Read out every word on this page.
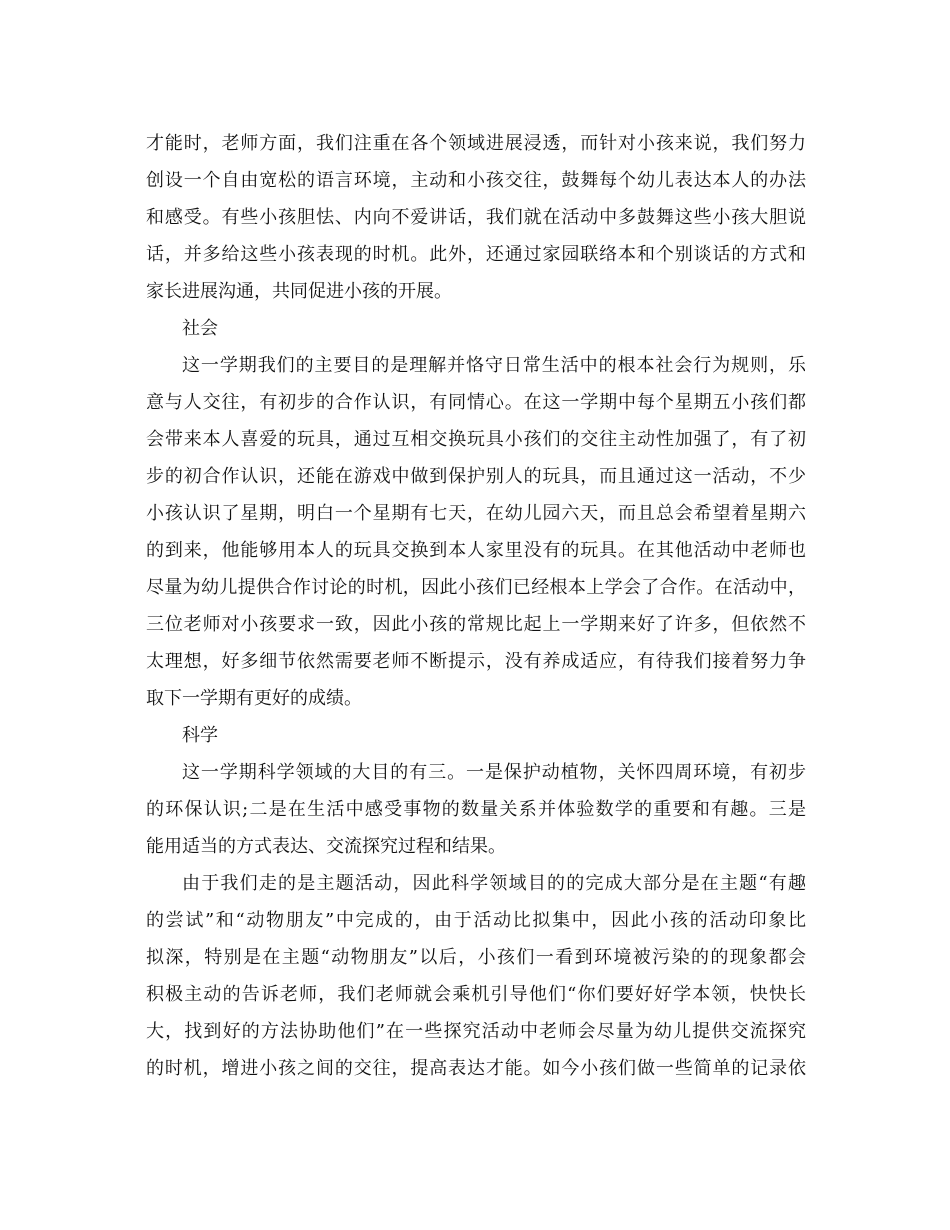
才能时，老师方面，我们注重在各个领域进展浸透，而针对小孩来说，我们努力
创设一个自由宽松的语言环境，主动和小孩交往，鼓舞每个幼儿表达本人的办法
和感受。有些小孩胆怯、内向不爱讲话，我们就在活动中多鼓舞这些小孩大胆说
话，并多给这些小孩表现的时机。此外，还通过家园联络本和个别谈话的方式和
家长进展沟通，共同促进小孩的开展。
社会
这一学期我们的主要目的是理解并恪守日常生活中的根本社会行为规则，乐
意与人交往，有初步的合作认识，有同情心。在这一学期中每个星期五小孩们都
会带来本人喜爱的玩具，通过互相交换玩具小孩们的交往主动性加强了，有了初
步的初合作认识，还能在游戏中做到保护别人的玩具，而且通过这一活动，不少
小孩认识了星期，明白一个星期有七天，在幼儿园六天，而且总会希望着星期六
的到来，他能够用本人的玩具交换到本人家里没有的玩具。在其他活动中老师也
尽量为幼儿提供合作讨论的时机，因此小孩们已经根本上学会了合作。在活动中，
三位老师对小孩要求一致，因此小孩的常规比起上一学期来好了许多，但依然不
太理想，好多细节依然需要老师不断提示，没有养成适应，有待我们接着努力争
取下一学期有更好的成绩。
科学
这一学期科学领域的大目的有三。一是保护动植物，关怀四周环境，有初步
的环保认识;二是在生活中感受事物的数量关系并体验数学的重要和有趣。三是
能用适当的方式表达、交流探究过程和结果。
由于我们走的是主题活动，因此科学领域目的的完成大部分是在主题“有趣
的尝试”和“动物朋友”中完成的，由于活动比拟集中，因此小孩的活动印象比
拟深，特别是在主题“动物朋友”以后，小孩们一看到环境被污染的的现象都会
积极主动的告诉老师，我们老师就会乘机引导他们“你们要好好学本领，快快长
大，找到好的方法协助他们”在一些探究活动中老师会尽量为幼儿提供交流探究
的时机，增进小孩之间的交往，提高表达才能。如今小孩们做一些简单的记录依
